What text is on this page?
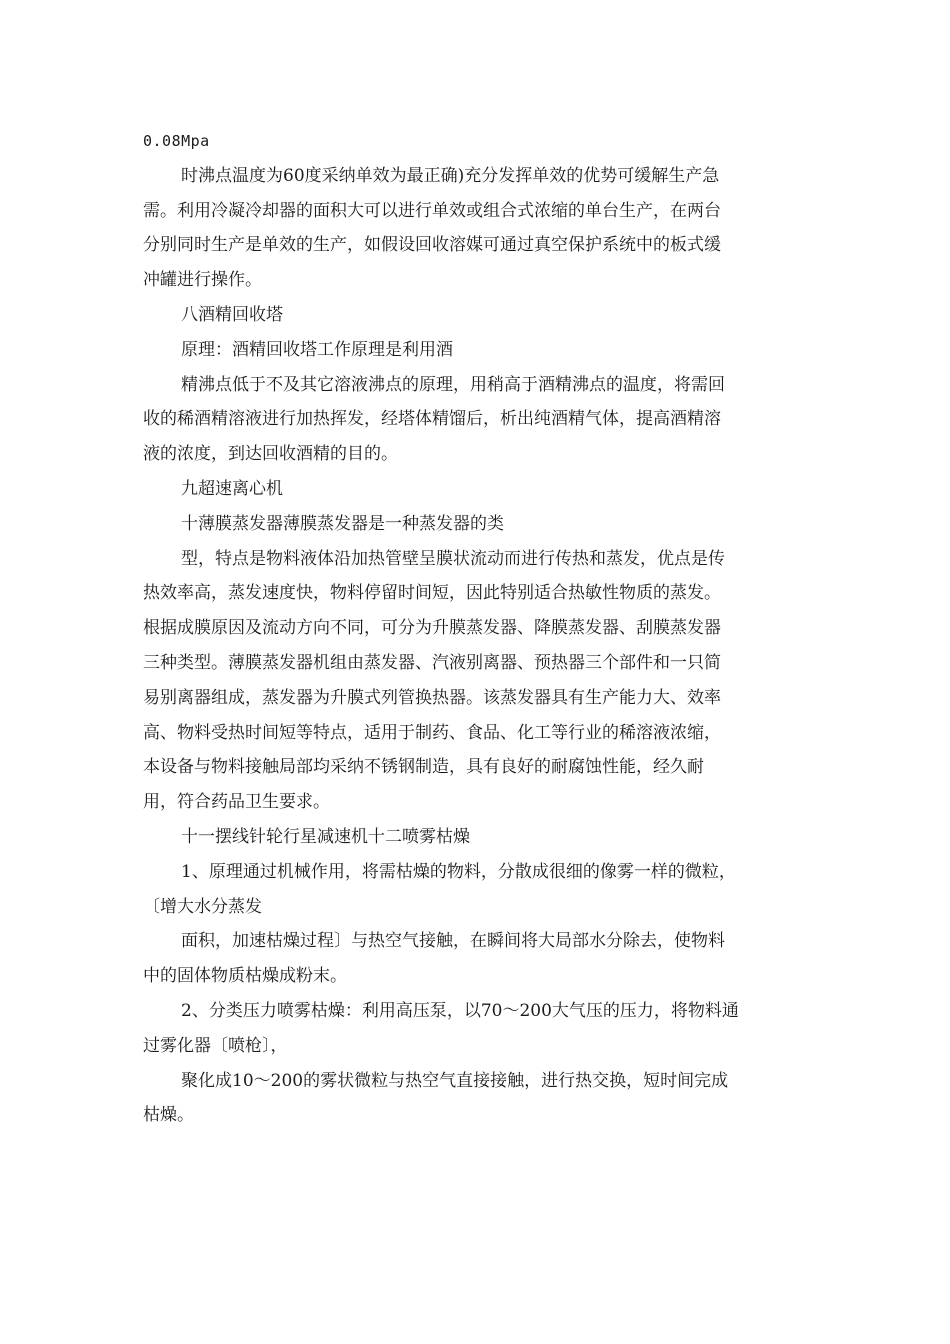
0.08Mpa
时沸点温度为60度采纳单效为最正确)充分发挥单效的优势可缓解生产急
需。利用冷凝冷却器的面积大可以进行单效或组合式浓缩的单台生产，在两台
分别同时生产是单效的生产，如假设回收溶媒可通过真空保护系统中的板式缓
冲罐进行操作。
八酒精回收塔
原理：酒精回收塔工作原理是利用酒
精沸点低于不及其它溶液沸点的原理，用稍高于酒精沸点的温度，将需回
收的稀酒精溶液进行加热挥发，经塔体精馏后，析出纯酒精气体，提高酒精溶
液的浓度，到达回收酒精的目的。
九超速离心机
十薄膜蒸发器薄膜蒸发器是一种蒸发器的类
型，特点是物料液体沿加热管壁呈膜状流动而进行传热和蒸发，优点是传
热效率高，蒸发速度快，物料停留时间短，因此特别适合热敏性物质的蒸发。
根据成膜原因及流动方向不同，可分为升膜蒸发器、降膜蒸发器、刮膜蒸发器
三种类型。薄膜蒸发器机组由蒸发器、汽液别离器、预热器三个部件和一只简
易别离器组成，蒸发器为升膜式列管换热器。该蒸发器具有生产能力大、效率
高、物料受热时间短等特点，适用于制药、食品、化工等行业的稀溶液浓缩，
本设备与物料接触局部均采纳不锈钢制造，具有良好的耐腐蚀性能，经久耐
用，符合药品卫生要求。
十一摆线针轮行星减速机十二喷雾枯燥
1、原理通过机械作用，将需枯燥的物料，分散成很细的像雾一样的微粒，
〔增大水分蒸发
面积，加速枯燥过程〕与热空气接触，在瞬间将大局部水分除去，使物料
中的固体物质枯燥成粉末。
2、分类压力喷雾枯燥：利用高压泵，以70～200大气压的压力，将物料通
过雾化器〔喷枪〕，
聚化成10～200的雾状微粒与热空气直接接触，进行热交换，短时间完成
枯燥。
